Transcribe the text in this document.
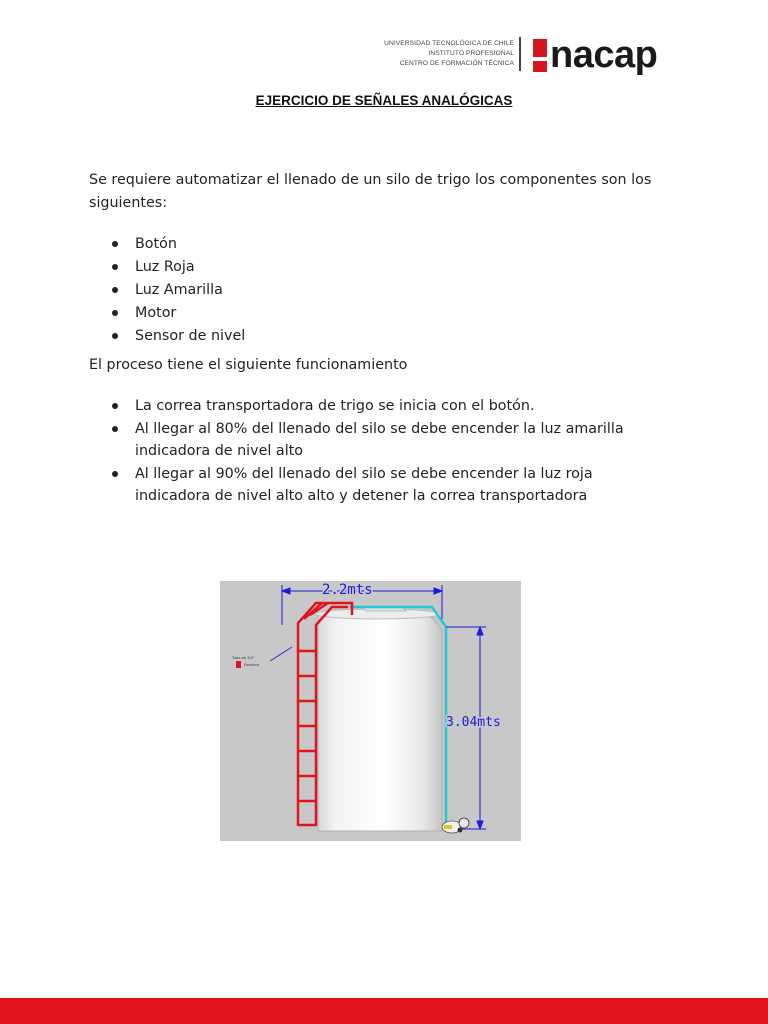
UNIVERSIDAD TECNOLÓGICA DE CHILE
INSTITUTO PROFESIONAL
CENTRO DE FORMACIÓN TÉCNICA nacap
EJERCICIO DE SEÑALES ANALÓGICAS
Se requiere automatizar el llenado de un silo de trigo los componentes son los siguientes:
Botón
Luz Roja
Luz Amarilla
Motor
Sensor de nivel
El proceso tiene el siguiente funcionamiento
La correa transportadora de trigo se inicia con el botón.
Al llegar al 80% del llenado del silo se debe encender la luz amarilla indicadora de nivel alto
Al llegar al 90% del llenado del silo se debe encender la luz roja indicadora de nivel alto alto y detener la correa transportadora
2.2mts
3.04mts
Tubo de 3/4"
Escalera
